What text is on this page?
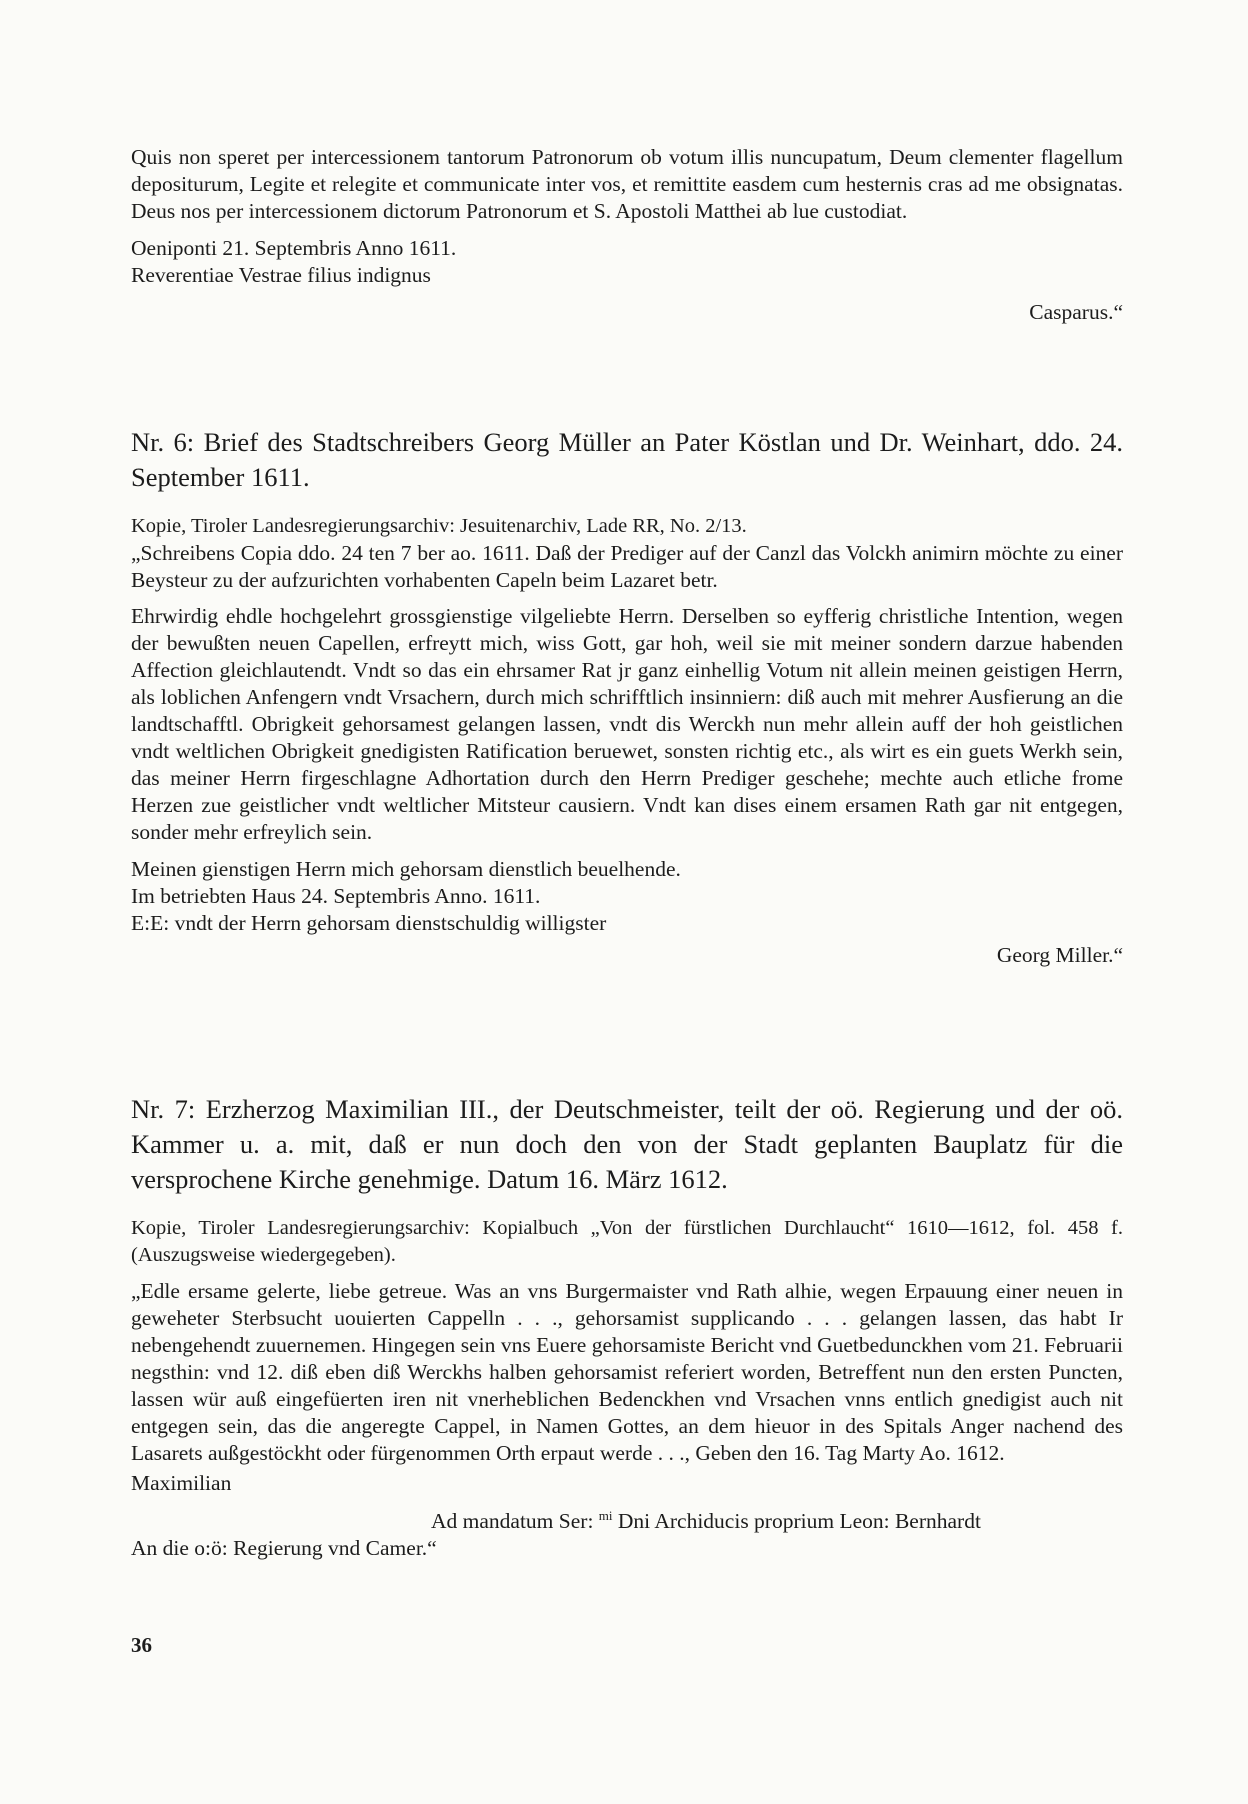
Quis non speret per intercessionem tantorum Patronorum ob votum illis nuncupatum, Deum clementer flagellum depositurum, Legite et relegite et communicate inter vos, et remittite easdem cum hesternis cras ad me obsignatas. Deus nos per intercessionem dictorum Patronorum et S. Apostoli Matthei ab lue custodiat.

Oeniponti 21. Septembris Anno 1611.

Reverentiae Vestrae filius indignus

Casparus.“

Nr. 6: Brief des Stadtschreibers Georg Müller an Pater Köstlan und Dr. Weinhart, ddo. 24. September 1611.

Kopie, Tiroler Landesregierungsarchiv: Jesuitenarchiv, Lade RR, No. 2/13.

„Schreibens Copia ddo. 24 ten 7 ber ao. 1611. Daß der Prediger auf der Canzl das Volckh animirn möchte zu einer Beysteur zu der aufzurichten vorhabenten Capeln beim Lazaret betr.

Ehrwirdig ehdle hochgelehrt grossgienstige vilgeliebte Herrn. Derselben so eyfferig christliche Intention, wegen der bewußten neuen Capellen, erfreytt mich, wiss Gott, gar hoh, weil sie mit meiner sondern darzue habenden Affection gleichlautendt. Vndt so das ein ehrsamer Rat jr ganz einhellig Votum nit allein meinen geistigen Herrn, als loblichen Anfengern vndt Vrsachern, durch mich schrifftlich insinniern: diß auch mit mehrer Ausfierung an die landtschafftl. Obrigkeit gehorsamest gelangen lassen, vndt dis Werckh nun mehr allein auff der hoh geistlichen vndt weltlichen Obrigkeit gnedigisten Ratification beruewet, sonsten richtig etc., als wirt es ein guets Werkh sein, das meiner Herrn firgeschlagne Adhortation durch den Herrn Prediger geschehe; mechte auch etliche frome Herzen zue geistlicher vndt weltlicher Mitsteur causiern. Vndt kan dises einem ersamen Rath gar nit entgegen, sonder mehr erfreylich sein.

Meinen gienstigen Herrn mich gehorsam dienstlich beuelhende.

Im betriebten Haus 24. Septembris Anno. 1611.

E:E: vndt der Herrn gehorsam dienstschuldig willigster

Georg Miller.“

Nr. 7: Erzherzog Maximilian III., der Deutschmeister, teilt der oö. Regierung und der oö. Kammer u. a. mit, daß er nun doch den von der Stadt geplanten Bauplatz für die versprochene Kirche genehmige. Datum 16. März 1612.

Kopie, Tiroler Landesregierungsarchiv: Kopialbuch „Von der fürstlichen Durchlaucht“ 1610—1612, fol. 458 f. (Auszugsweise wiedergegeben).

„Edle ersame gelerte, liebe getreue. Was an vns Burgermaister vnd Rath alhie, wegen Erpauung einer neuen in geweheter Sterbsucht uouierten Cappelln . . ., gehorsamist supplicando . . . gelangen lassen, das habt Ir nebengehendt zuuernemen. Hingegen sein vns Euere gehorsamiste Bericht vnd Guetbedunckhen vom 21. Februarii negsthin: vnd 12. diß eben diß Werckhs halben gehorsamist referiert worden, Betreffent nun den ersten Puncten, lassen wür auß eingefüerten iren nit vnerheblichen Bedenckhen vnd Vrsachen vnns entlich gnedigist auch nit entgegen sein, das die angeregte Cappel, in Namen Gottes, an dem hieuor in des Spitals Anger nachend des Lasarets außgestöckht oder fürgenommen Orth erpaut werde . . ., Geben den 16. Tag Marty Ao. 1612.

Maximilian

Ad mandatum Ser: $^{mi}$ Dni Archiducis proprium Leon: Bernhardt

An die o:ö: Regierung vnd Camer.“

36
